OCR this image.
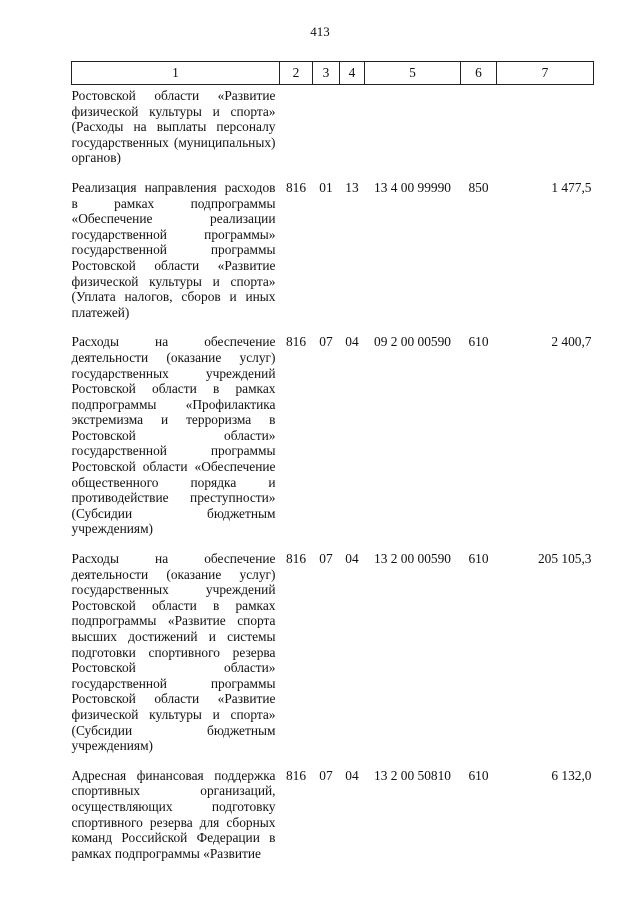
413
1	2	3	4	5	6	7
Ростовской области «Развитие физической культуры и спорта» (Расходы на выплаты персоналу государственных (муниципальных) органов)						
Реализация направления расходов в рамках подпрограммы «Обеспечение реализации государственной программы» государственной программы Ростовской области «Развитие физической культуры и спорта» (Уплата налогов, сборов и иных платежей)	816	01	13	13 4 00 99990	850	1 477,5
Расходы на обеспечение деятельности (оказание услуг) государственных учреждений Ростовской области в рамках подпрограммы «Профилактика экстремизма и терроризма в Ростовской области» государственной программы Ростовской области «Обеспечение общественного порядка и противодействие преступности» (Субсидии бюджетным учреждениям)	816	07	04	09 2 00 00590	610	2 400,7
Расходы на обеспечение деятельности (оказание услуг) государственных учреждений Ростовской области в рамках подпрограммы «Развитие спорта высших достижений и системы подготовки спортивного резерва Ростовской области» государственной программы Ростовской области «Развитие физической культуры и спорта» (Субсидии бюджетным учреждениям)	816	07	04	13 2 00 00590	610	205 105,3
Адресная финансовая поддержка спортивных организаций, осуществляющих подготовку спортивного резерва для сборных команд Российской Федерации в рамках подпрограммы «Развитие	816	07	04	13 2 00 50810	610	6 132,0
